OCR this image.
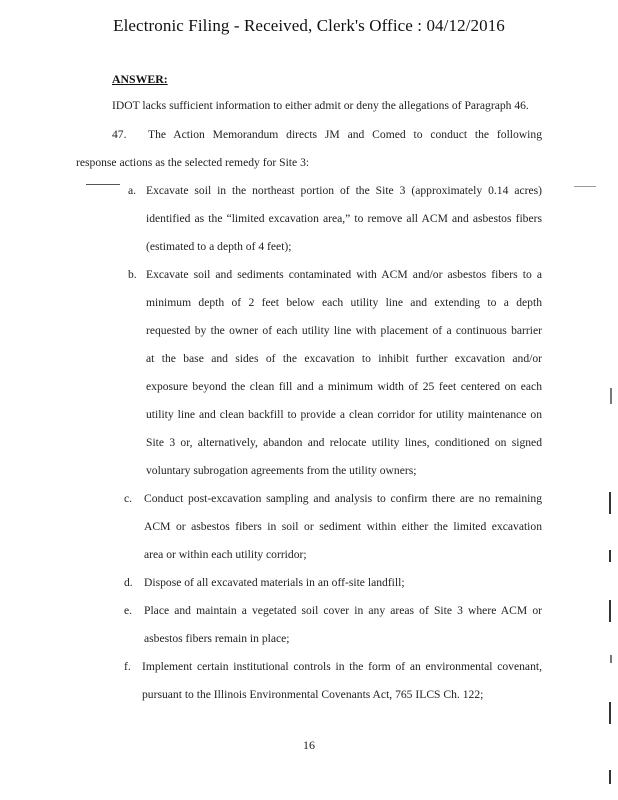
Electronic Filing - Received, Clerk's Office : 04/12/2016
ANSWER:
IDOT lacks sufficient information to either admit or deny the allegations of Paragraph 46.
47. The Action Memorandum directs JM and Comed to conduct the following
response actions as the selected remedy for Site 3:
a. Excavate soil in the northeast portion of the Site 3 (approximately 0.14 acres)
identified as the “limited excavation area,” to remove all ACM and asbestos fibers
(estimated to a depth of 4 feet);
b. Excavate soil and sediments contaminated with ACM and/or asbestos fibers to a
minimum depth of 2 feet below each utility line and extending to a depth
requested by the owner of each utility line with placement of a continuous barrier
at the base and sides of the excavation to inhibit further excavation and/or
exposure beyond the clean fill and a minimum width of 25 feet centered on each
utility line and clean backfill to provide a clean corridor for utility maintenance on
Site 3 or, alternatively, abandon and relocate utility lines, conditioned on signed
voluntary subrogation agreements from the utility owners;
c. Conduct post-excavation sampling and analysis to confirm there are no remaining
ACM or asbestos fibers in soil or sediment within either the limited excavation
area or within each utility corridor;
d. Dispose of all excavated materials in an off-site landfill;
e. Place and maintain a vegetated soil cover in any areas of Site 3 where ACM or
asbestos fibers remain in place;
f. Implement certain institutional controls in the form of an environmental covenant,
pursuant to the Illinois Environmental Covenants Act, 765 ILCS Ch. 122;
16
